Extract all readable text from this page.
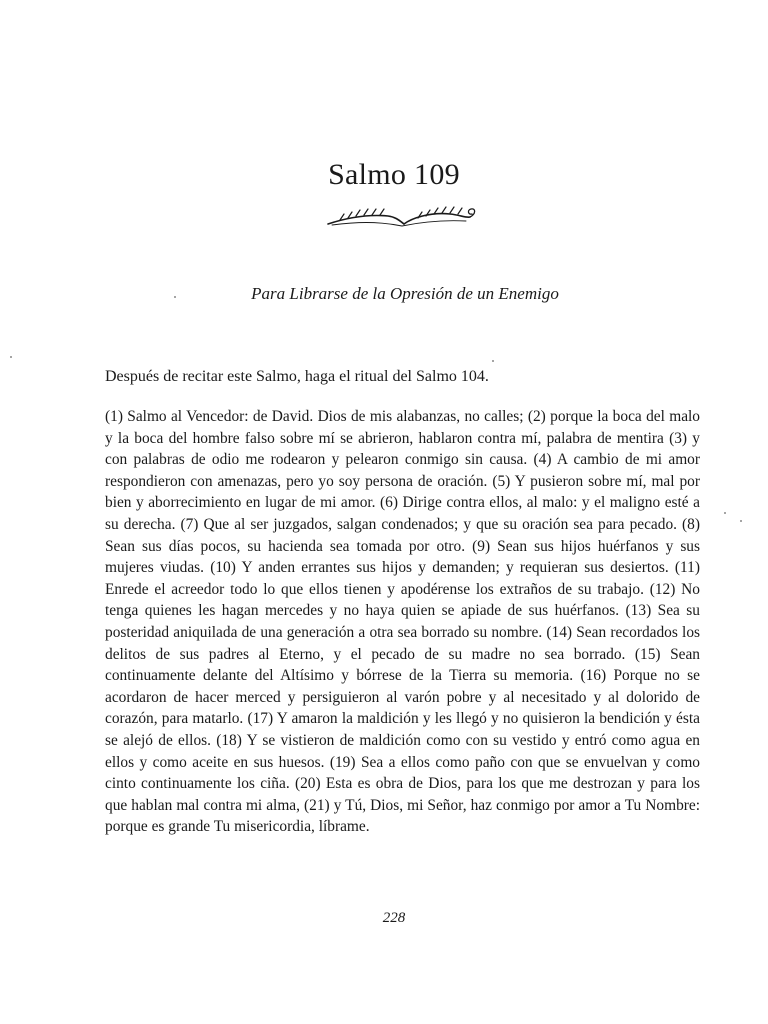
Salmo 109
Para Librarse de la Opresión de un Enemigo
Después de recitar este Salmo, haga el ritual del Salmo 104.
(1) Salmo al Vencedor: de David. Dios de mis alabanzas, no calles; (2) porque la boca del malo y la boca del hombre falso sobre mí se abrieron, hablaron contra mí, palabra de mentira (3) y con palabras de odio me rodearon y pelearon conmigo sin causa. (4) A cambio de mi amor respondieron con amenazas, pero yo soy persona de oración. (5) Y pusieron sobre mí, mal por bien y aborrecimiento en lugar de mi amor. (6) Dirige contra ellos, al malo: y el maligno esté a su derecha. (7) Que al ser juzgados, salgan condenados; y que su oración sea para pecado. (8) Sean sus días pocos, su hacienda sea tomada por otro. (9) Sean sus hijos huérfanos y sus mujeres viudas. (10) Y anden errantes sus hijos y demanden; y requieran sus desiertos. (11) Enrede el acreedor todo lo que ellos tienen y apodérense los extraños de su trabajo. (12) No tenga quienes les hagan mercedes y no haya quien se apiade de sus huérfanos. (13) Sea su posteridad aniquilada de una generación a otra sea borrado su nombre. (14) Sean recordados los delitos de sus padres al Eterno, y el pecado de su madre no sea borrado. (15) Sean continuamente delante del Altísimo y bórrese de la Tierra su memoria. (16) Porque no se acordaron de hacer merced y persiguieron al varón pobre y al necesitado y al dolorido de corazón, para matarlo. (17) Y amaron la maldición y les llegó y no quisieron la bendición y ésta se alejó de ellos. (18) Y se vistieron de maldición como con su vestido y entró como agua en ellos y como aceite en sus huesos. (19) Sea a ellos como paño con que se envuelvan y como cinto continuamente los ciña. (20) Esta es obra de Dios, para los que me destrozan y para los que hablan mal contra mi alma, (21) y Tú, Dios, mi Señor, haz conmigo por amor a Tu Nombre: porque es grande Tu misericordia, líbrame.
228
